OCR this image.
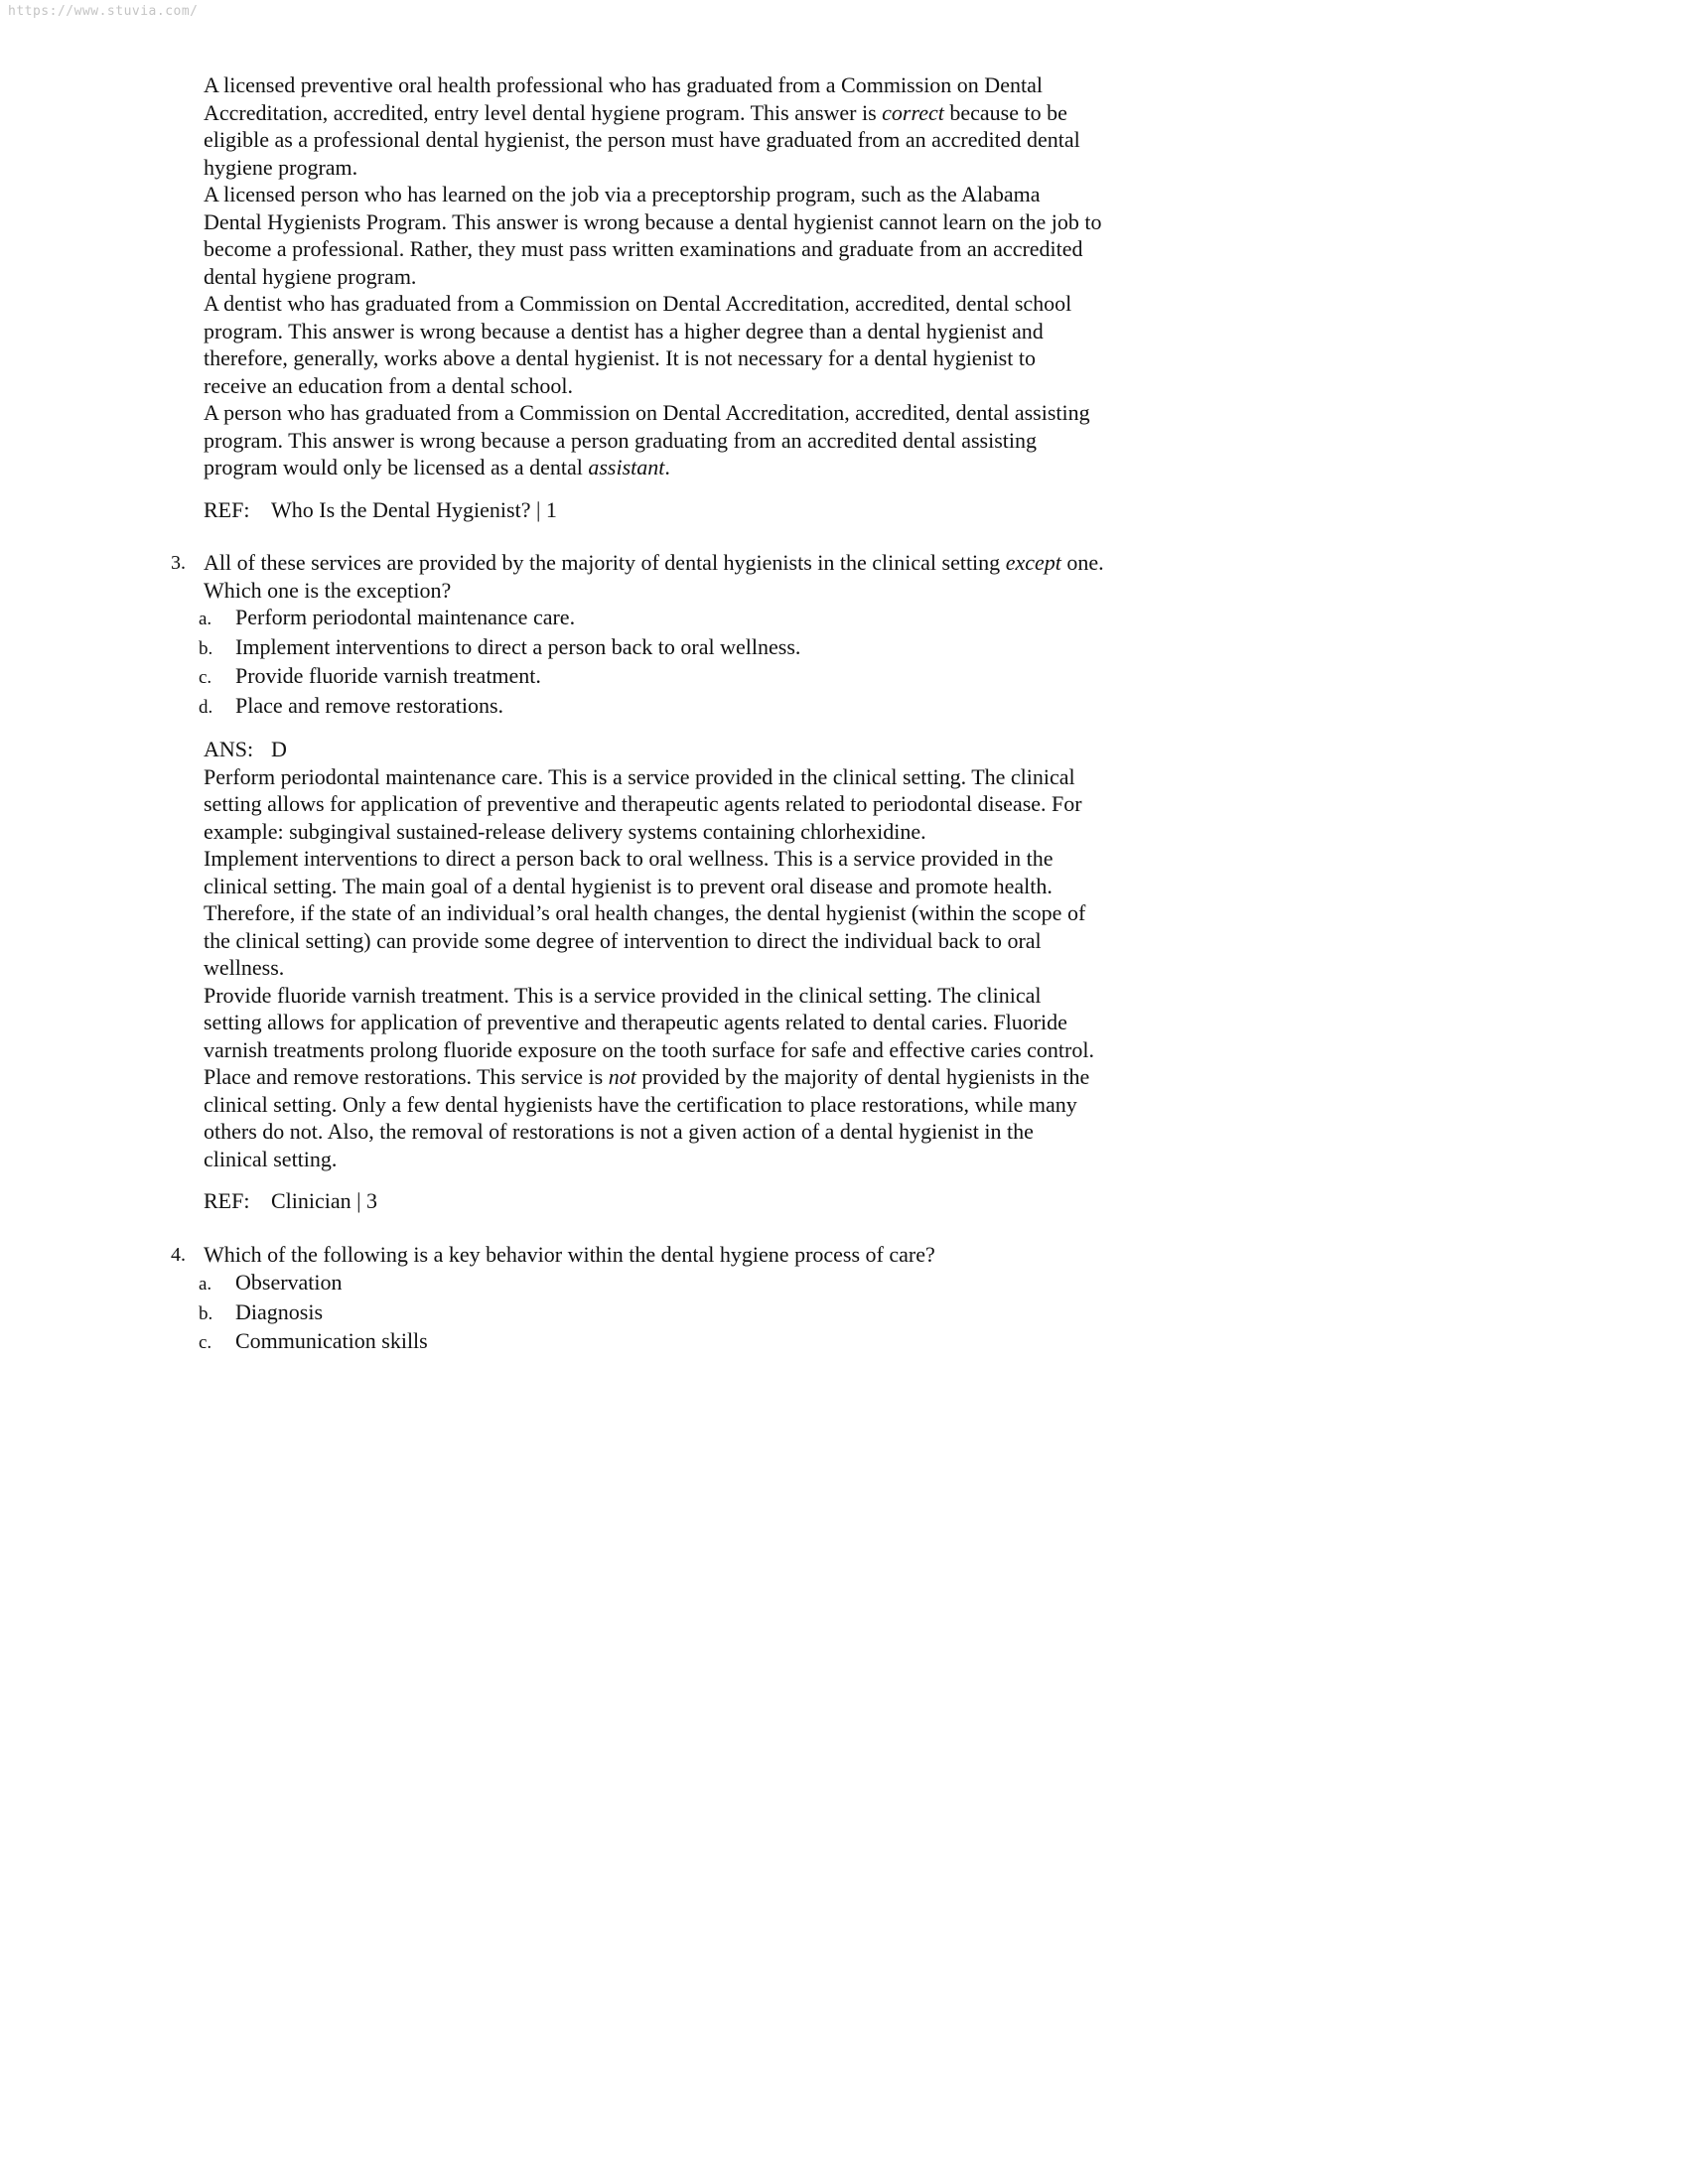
https://www.stuvia.com/

A licensed preventive oral health professional who has graduated from a Commission on Dental Accreditation, accredited, entry level dental hygiene program. This answer is correct because to be eligible as a professional dental hygienist, the person must have graduated from an accredited dental hygiene program.

A licensed person who has learned on the job via a preceptorship program, such as the Alabama Dental Hygienists Program. This answer is wrong because a dental hygienist cannot learn on the job to become a professional. Rather, they must pass written examinations and graduate from an accredited dental hygiene program.

A dentist who has graduated from a Commission on Dental Accreditation, accredited, dental school program. This answer is wrong because a dentist has a higher degree than a dental hygienist and therefore, generally, works above a dental hygienist. It is not necessary for a dental hygienist to receive an education from a dental school.

A person who has graduated from a Commission on Dental Accreditation, accredited, dental assisting program. This answer is wrong because a person graduating from an accredited dental assisting program would only be licensed as a dental assistant.

REF: Who Is the Dental Hygienist? | 1

3. All of these services are provided by the majority of dental hygienists in the clinical setting except one. Which one is the exception?
a.	Perform periodontal maintenance care.
b.	Implement interventions to direct a person back to oral wellness.
c.	Provide fluoride varnish treatment.
d.	Place and remove restorations.

ANS: D

Perform periodontal maintenance care. This is a service provided in the clinical setting. The clinical setting allows for application of preventive and therapeutic agents related to periodontal disease. For example: subgingival sustained-release delivery systems containing chlorhexidine.

Implement interventions to direct a person back to oral wellness. This is a service provided in the clinical setting. The main goal of a dental hygienist is to prevent oral disease and promote health. Therefore, if the state of an individual’s oral health changes, the dental hygienist (within the scope of the clinical setting) can provide some degree of intervention to direct the individual back to oral wellness.

Provide fluoride varnish treatment. This is a service provided in the clinical setting. The clinical setting allows for application of preventive and therapeutic agents related to dental caries. Fluoride varnish treatments prolong fluoride exposure on the tooth surface for safe and effective caries control.

Place and remove restorations. This service is not provided by the majority of dental hygienists in the clinical setting. Only a few dental hygienists have the certification to place restorations, while many others do not. Also, the removal of restorations is not a given action of a dental hygienist in the clinical setting.

REF: Clinician | 3

4. Which of the following is a key behavior within the dental hygiene process of care?
a.	Observation
b.	Diagnosis
c.	Communication skills
